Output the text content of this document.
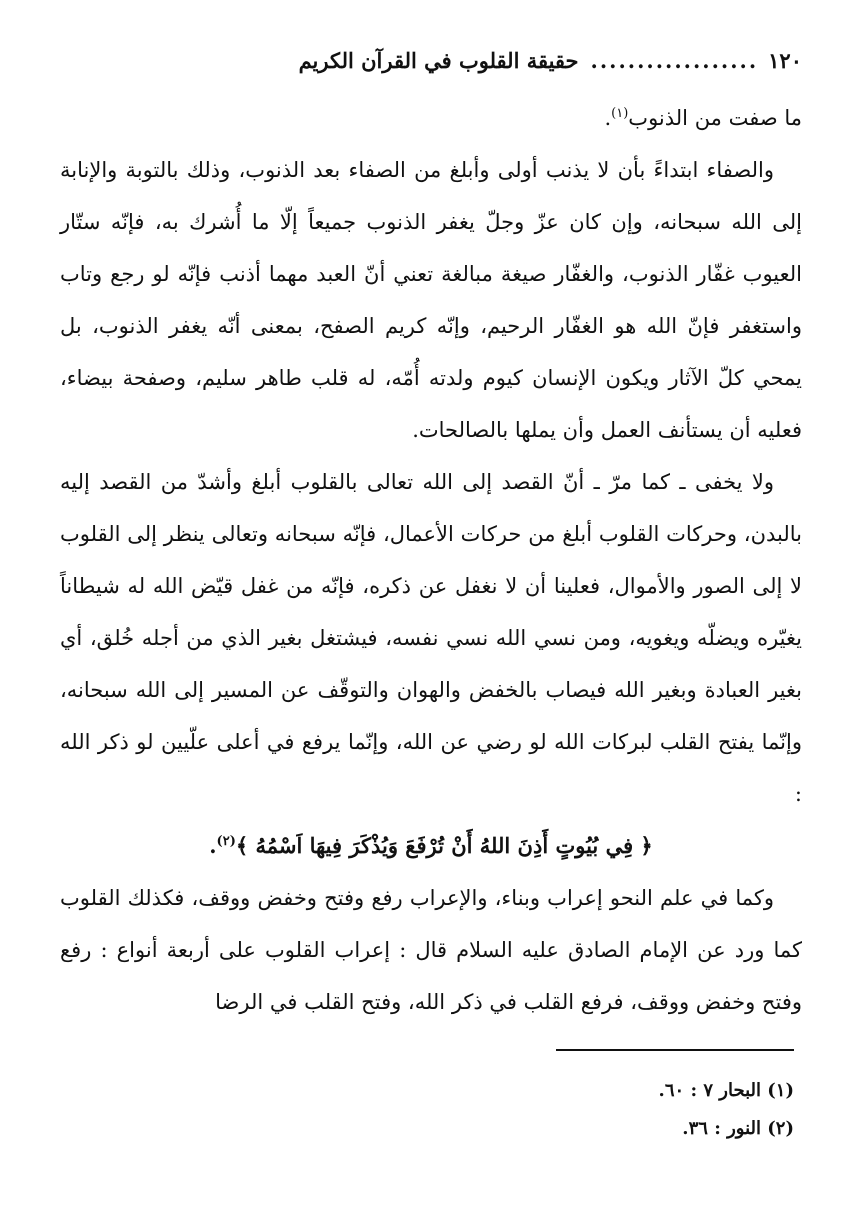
١٢٠
..................
حقيقة القلوب في القرآن الكريم

ما صفت من الذنوب$^{(١)}$.

والصفاء ابتداءً بأن لا يذنب أولى وأبلغ من الصفاء بعد الذنوب، وذلك بالتوبة والإنابة إلى الله سبحانه، وإن كان عزّ وجلّ يغفر الذنوب جميعاً إلّا ما أُشرك به، فإنّه ستّار العيوب غفّار الذنوب، والغفّار صيغة مبالغة تعني أنّ العبد مهما أذنب فإنّه لو رجع وتاب واستغفر فإنّ الله هو الغفّار الرحيم، وإنّه كريم الصفح، بمعنى أنّه يغفر الذنوب، بل يمحي كلّ الآثار ويكون الإنسان كيوم ولدته أُمّه، له قلب طاهر سليم، وصفحة بيضاء، فعليه أن يستأنف العمل وأن يملها بالصالحات.

ولا يخفى ـ كما مرّ ـ أنّ القصد إلى الله تعالى بالقلوب أبلغ وأشدّ من القصد إليه بالبدن، وحركات القلوب أبلغ من حركات الأعمال، فإنّه سبحانه وتعالى ينظر إلى القلوب لا إلى الصور والأموال، فعلينا أن لا نغفل عن ذكره، فإنّه من غفل قيّض الله له شيطاناً يغيّره ويضلّه ويغويه، ومن نسي الله نسي نفسه، فيشتغل بغير الذي من أجله خُلق، أي بغير العبادة وبغير الله فيصاب بالخفض والهوان والتوقّف عن المسير إلى الله سبحانه، وإنّما يفتح القلب لبركات الله لو رضي عن الله، وإنّما يرفع في أعلى علّيين لو ذكر الله :

﴿ فِي بُيُوتٍ أَذِنَ اللهُ أَنْ تُرْفَعَ وَيُذْكَرَ فِيهَا اَسْمُهُ ﴾$^{(٢)}$.

وكما في علم النحو إعراب وبناء، والإعراب رفع وفتح وخفض ووقف، فكذلك القلوب كما ورد عن الإمام الصادق عليه السلام قال : إعراب القلوب على أربعة أنواع : رفع وفتح وخفض ووقف، فرفع القلب في ذكر الله، وفتح القلب في الرضا

(١) البحار ٧ : ٦٠.
(٢) النور : ٣٦.
